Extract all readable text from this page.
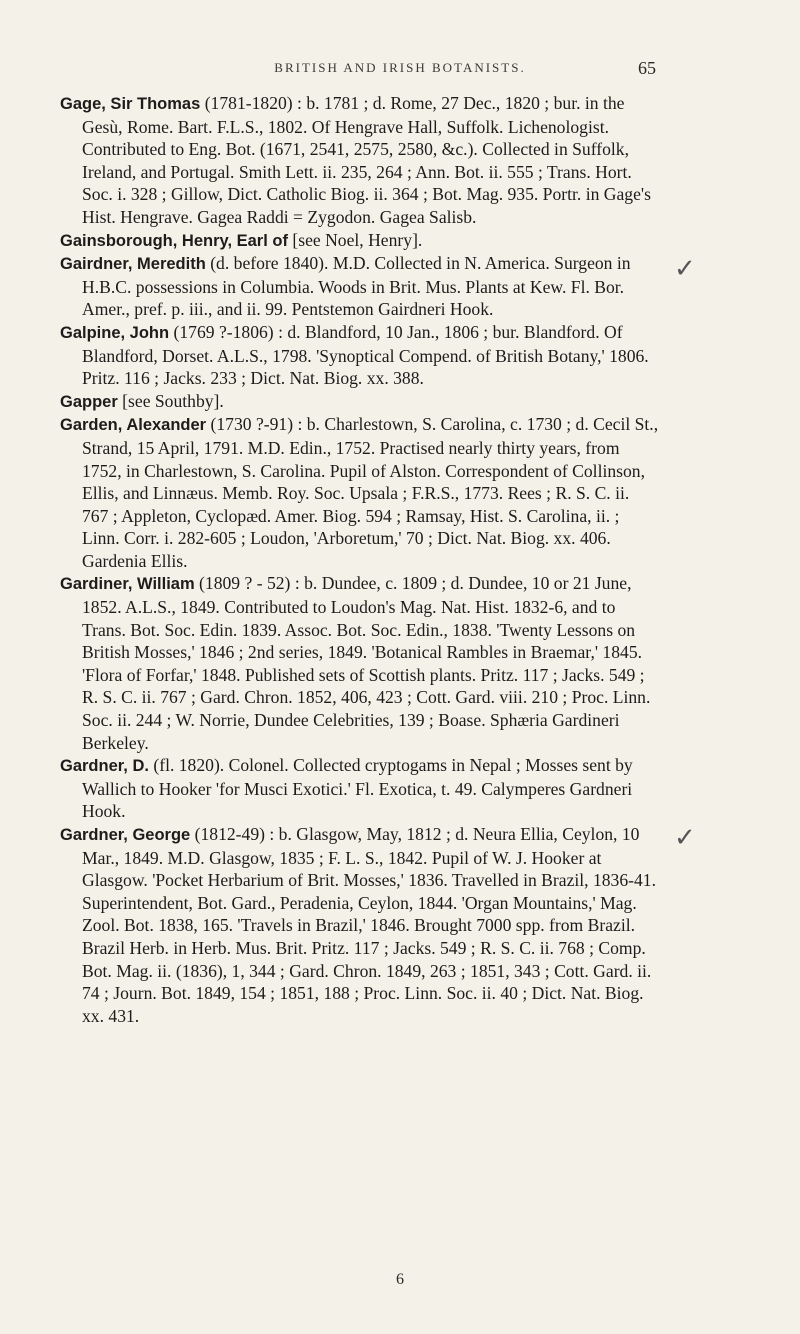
BRITISH AND IRISH BOTANISTS.	65

Gage, Sir Thomas (1781-1820) : b. 1781 ; d. Rome, 27 Dec., 1820 ; bur. in the Gesù, Rome. Bart. F.L.S., 1802. Of Hengrave Hall, Suffolk. Lichenologist. Contributed to Eng. Bot. (1671, 2541, 2575, 2580, &c.). Collected in Suffolk, Ireland, and Portugal. Smith Lett. ii. 235, 264 ; Ann. Bot. ii. 555 ; Trans. Hort. Soc. i. 328 ; Gillow, Dict. Catholic Biog. ii. 364 ; Bot. Mag. 935. Portr. in Gage's Hist. Hengrave. Gagea Raddi = Zygodon. Gagea Salisb.

Gainsborough, Henry, Earl of [see Noel, Henry].

✓
Gairdner, Meredith (d. before 1840). M.D. Collected in N. America. Surgeon in H.B.C. possessions in Columbia. Woods in Brit. Mus. Plants at Kew. Fl. Bor. Amer., pref. p. iii., and ii. 99. Pentstemon Gairdneri Hook.

Galpine, John (1769 ?-1806) : d. Blandford, 10 Jan., 1806 ; bur. Blandford. Of Blandford, Dorset. A.L.S., 1798. 'Synoptical Compend. of British Botany,' 1806. Pritz. 116 ; Jacks. 233 ; Dict. Nat. Biog. xx. 388.

Gapper [see Southby].

Garden, Alexander (1730 ?-91) : b. Charlestown, S. Carolina, c. 1730 ; d. Cecil St., Strand, 15 April, 1791. M.D. Edin., 1752. Practised nearly thirty years, from 1752, in Charlestown, S. Carolina. Pupil of Alston. Correspondent of Collinson, Ellis, and Linnæus. Memb. Roy. Soc. Upsala ; F.R.S., 1773. Rees ; R. S. C. ii. 767 ; Appleton, Cyclopæd. Amer. Biog. 594 ; Ramsay, Hist. S. Carolina, ii. ; Linn. Corr. i. 282-605 ; Loudon, 'Arboretum,' 70 ; Dict. Nat. Biog. xx. 406. Gardenia Ellis.

Gardiner, William (1809 ? - 52) : b. Dundee, c. 1809 ; d. Dundee, 10 or 21 June, 1852. A.L.S., 1849. Contributed to Loudon's Mag. Nat. Hist. 1832-6, and to Trans. Bot. Soc. Edin. 1839. Assoc. Bot. Soc. Edin., 1838. 'Twenty Lessons on British Mosses,' 1846 ; 2nd series, 1849. 'Botanical Rambles in Braemar,' 1845. 'Flora of Forfar,' 1848. Published sets of Scottish plants. Pritz. 117 ; Jacks. 549 ; R. S. C. ii. 767 ; Gard. Chron. 1852, 406, 423 ; Cott. Gard. viii. 210 ; Proc. Linn. Soc. ii. 244 ; W. Norrie, Dundee Celebrities, 139 ; Boase. Sphæria Gardineri Berkeley.

Gardner, D. (fl. 1820). Colonel. Collected cryptogams in Nepal ; Mosses sent by Wallich to Hooker 'for Musci Exotici.' Fl. Exotica, t. 49. Calymperes Gardneri Hook.

✓
Gardner, George (1812-49) : b. Glasgow, May, 1812 ; d. Neura Ellia, Ceylon, 10 Mar., 1849. M.D. Glasgow, 1835 ; F. L. S., 1842. Pupil of W. J. Hooker at Glasgow. 'Pocket Herbarium of Brit. Mosses,' 1836. Travelled in Brazil, 1836-41. Superintendent, Bot. Gard., Peradenia, Ceylon, 1844. 'Organ Mountains,' Mag. Zool. Bot. 1838, 165. 'Travels in Brazil,' 1846. Brought 7000 spp. from Brazil. Brazil Herb. in Herb. Mus. Brit. Pritz. 117 ; Jacks. 549 ; R. S. C. ii. 768 ; Comp. Bot. Mag. ii. (1836), 1, 344 ; Gard. Chron. 1849, 263 ; 1851, 343 ; Cott. Gard. ii. 74 ; Journ. Bot. 1849, 154 ; 1851, 188 ; Proc. Linn. Soc. ii. 40 ; Dict. Nat. Biog. xx. 431.

6
